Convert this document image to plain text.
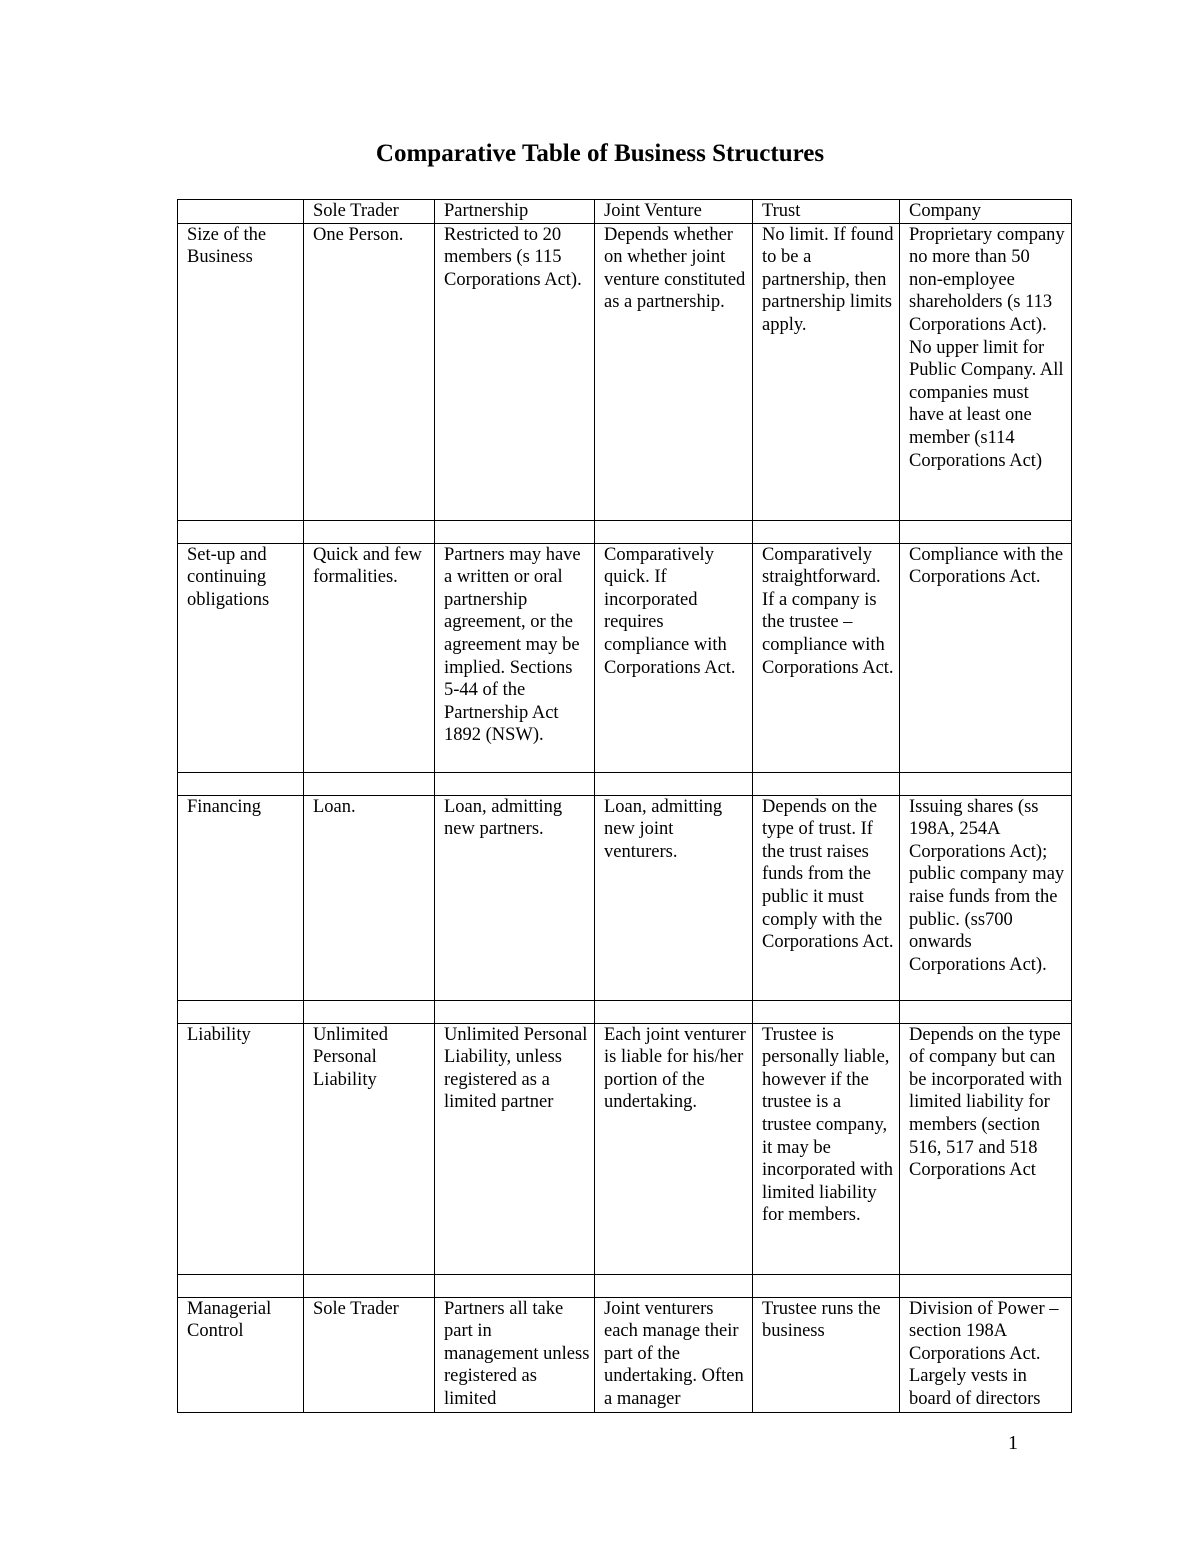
Comparative Table of Business Structures
	Sole Trader	Partnership	Joint Venture	Trust	Company
Size of the Business	One Person.	Restricted to 20 members (s 115 Corporations Act).	Depends whether on whether joint venture constituted as a partnership.	No limit. If found to be a partnership, then partnership limits apply.	Proprietary company no more than 50 non-employee shareholders (s 113 Corporations Act). No upper limit for Public Company. All companies must have at least one member (s114 Corporations Act)

Set-up and continuing obligations	Quick and few formalities.	Partners may have a written or oral partnership agreement, or the agreement may be implied. Sections 5-44 of the Partnership Act 1892 (NSW).	Comparatively quick. If incorporated requires compliance with Corporations Act.	Comparatively straightforward. If a company is the trustee – compliance with Corporations Act.	Compliance with the Corporations Act.

Financing	Loan.	Loan, admitting new partners.	Loan, admitting new joint venturers.	Depends on the type of trust. If the trust raises funds from the public it must comply with the Corporations Act.	Issuing shares (ss 198A, 254A Corporations Act); public company may raise funds from the public. (ss700 onwards Corporations Act).

Liability	Unlimited Personal Liability	Unlimited Personal Liability, unless registered as a limited partner	Each joint venturer is liable for his/her portion of the undertaking.	Trustee is personally liable, however if the trustee is a trustee company, it may be incorporated with limited liability for members.	Depends on the type of company but can be incorporated with limited liability for members (section 516, 517 and 518 Corporations Act

Managerial Control	Sole Trader	Partners all take part in management unless registered as limited	Joint venturers each manage their part of the undertaking. Often a manager	Trustee runs the business	Division of Power – section 198A Corporations Act. Largely vests in board of directors
1
